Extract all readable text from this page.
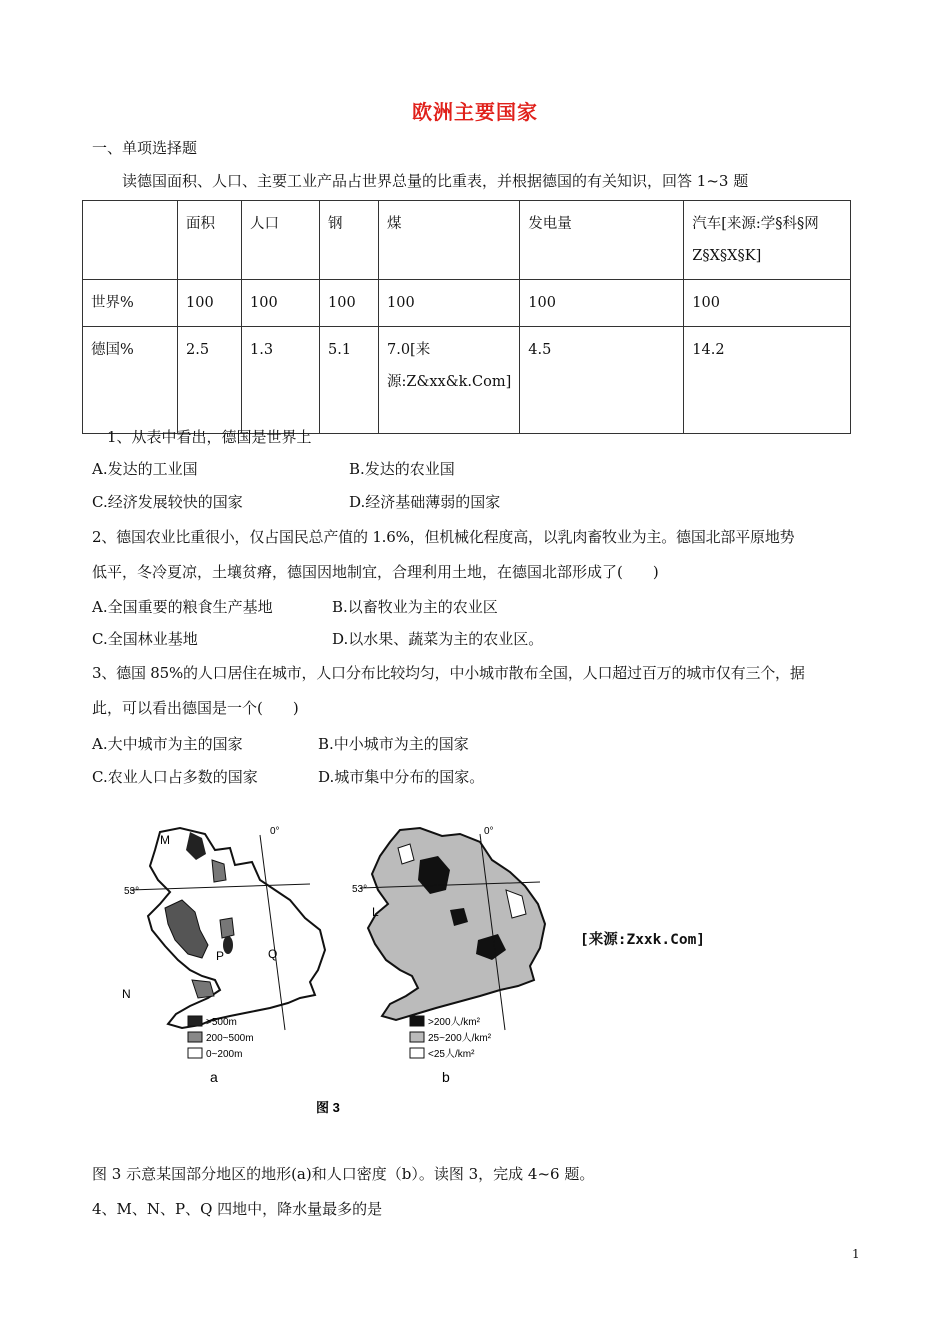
欧洲主要国家
一、单项选择题
读德国面积、人口、主要工业产品占世界总量的比重表，并根据德国的有关知识，回答 1~3 题
	面积	人口	钢	煤	发电量	汽车[来源:学§科§网Z§X§X§K]
世界%	100	100	100	100	100	100
德国%	2.5	1.3	5.1	7.0[来源:Z&xx&k.Com]	4.5	14.2
1、从表中看出，德国是世界上
A.发达的工业国	B.发达的农业国
C.经济发展较快的国家	D.经济基础薄弱的国家
2、德国农业比重很小，仅占国民总产值的 1.6%，但机械化程度高，以乳肉畜牧业为主。德国北部平原地势
低平，冬冷夏凉，土壤贫瘠，德国因地制宜，合理利用土地，在德国北部形成了(　　)
A.全国重要的粮食生产基地	B.以畜牧业为主的农业区
C.全国林业基地	D.以水果、蔬菜为主的农业区。
3、德国 85%的人口居住在城市，人口分布比较均匀，中小城市散布全国，人口超过百万的城市仅有三个，据
此，可以看出德国是一个(　　)
A.大中城市为主的国家	B.中小城市为主的国家
C.农业人口占多数的国家	D.城市集中分布的国家。
M
N
P	Q
53°
0°
>500m
200~500m
0~200m
a
L
53°
0°
>200人/km²
25~200人/km²
<25人/km²
b
图 3
[来源:Zxxk.Com]
图 3 示意某国部分地区的地形(a)和人口密度（b）。读图 3，完成 4~6 题。
4、M、N、P、Q 四地中，降水量最多的是
1
